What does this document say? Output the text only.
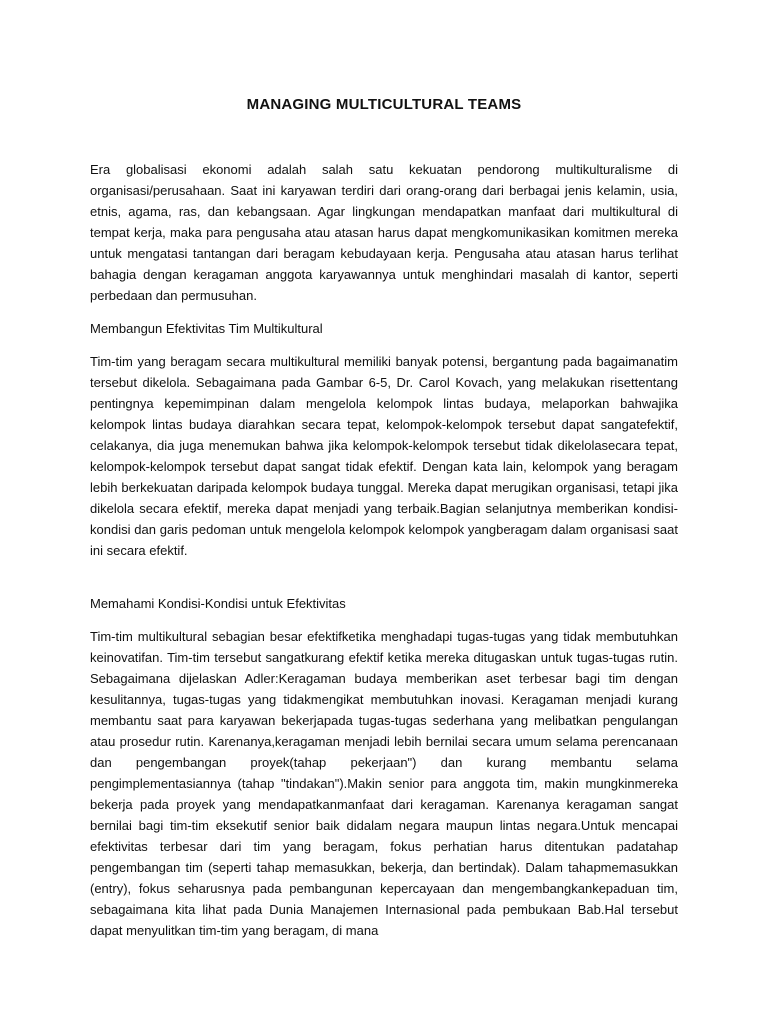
MANAGING MULTICULTURAL TEAMS

Era globalisasi ekonomi adalah salah satu kekuatan pendorong multikulturalisme di organisasi/perusahaan. Saat ini karyawan terdiri dari orang-orang dari berbagai jenis kelamin, usia, etnis, agama, ras, dan kebangsaan. Agar lingkungan mendapatkan manfaat dari multikultural di tempat kerja, maka para pengusaha atau atasan harus dapat mengkomunikasikan komitmen mereka untuk mengatasi tantangan dari beragam kebudayaan kerja. Pengusaha atau atasan harus terlihat bahagia dengan keragaman anggota karyawannya untuk menghindari masalah di kantor, seperti perbedaan dan permusuhan.

Membangun Efektivitas Tim Multikultural

Tim-tim yang beragam secara multikultural memiliki banyak potensi, bergantung pada bagaimanatim tersebut dikelola. Sebagaimana pada Gambar 6-5, Dr. Carol Kovach, yang melakukan risettentang pentingnya kepemimpinan dalam mengelola kelompok lintas budaya, melaporkan bahwajika kelompok lintas budaya diarahkan secara tepat, kelompok-kelompok tersebut dapat sangatefektif, celakanya, dia juga menemukan bahwa jika kelompok-kelompok tersebut tidak dikelolasecara tepat, kelompok-kelompok tersebut dapat sangat tidak efektif. Dengan kata lain, kelompok yang beragam lebih berkekuatan daripada kelompok budaya tunggal. Mereka dapat merugikan organisasi, tetapi jika dikelola secara efektif, mereka dapat menjadi yang terbaik.Bagian selanjutnya memberikan kondisi-kondisi dan garis pedoman untuk mengelola kelompok kelompok yangberagam dalam organisasi saat ini secara efektif.

Memahami Kondisi-Kondisi untuk Efektivitas

Tim-tim multikultural sebagian besar efektifketika menghadapi tugas-tugas yang tidak membutuhkan keinovatifan. Tim-tim tersebut sangatkurang efektif ketika mereka ditugaskan untuk tugas-tugas rutin. Sebagaimana dijelaskan Adler:Keragaman budaya memberikan aset terbesar bagi tim dengan kesulitannya, tugas-tugas yang tidakmengikat membutuhkan inovasi. Keragaman menjadi kurang membantu saat para karyawan bekerjapada tugas-tugas sederhana yang melibatkan pengulangan atau prosedur rutin. Karenanya,keragaman menjadi lebih bernilai secara umum selama perencanaan dan pengembangan proyek(tahap pekerjaan") dan kurang membantu selama pengimplementasiannya (tahap "tindakan").Makin senior para anggota tim, makin mungkinmereka bekerja pada proyek yang mendapatkanmanfaat dari keragaman. Karenanya keragaman sangat bernilai bagi tim-tim eksekutif senior baik didalam negara maupun lintas negara.Untuk mencapai efektivitas terbesar dari tim yang beragam, fokus perhatian harus ditentukan padatahap pengembangan tim (seperti tahap memasukkan, bekerja, dan bertindak). Dalam tahapmemasukkan (entry), fokus seharusnya pada pembangunan kepercayaan dan mengembangkankepaduan tim, sebagaimana kita lihat pada Dunia Manajemen Internasional pada pembukaan Bab.Hal tersebut dapat menyulitkan tim-tim yang beragam, di mana
